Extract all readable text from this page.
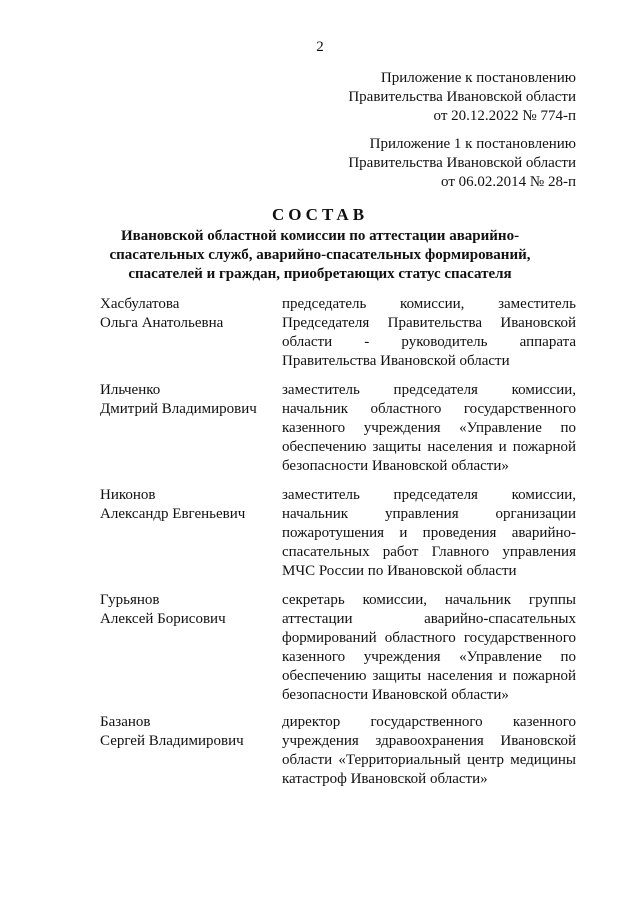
2
Приложение к постановлению
Правительства Ивановской области
от 20.12.2022 № 774-п
Приложение 1 к постановлению
Правительства Ивановской области
от 06.02.2014 № 28-п
СОСТАВ
Ивановской областной комиссии по аттестации аварийно-
спасательных служб, аварийно-спасательных формирований,
спасателей и граждан, приобретающих статус спасателя
Хасбулатова
Ольга Анатольевна
председатель комиссии, заместитель Председателя Правительства Ивановской области - руководитель аппарата Правительства Ивановской области
Ильченко
Дмитрий Владимирович
заместитель председателя комиссии, начальник областного государственного казенного учреждения «Управление по обеспечению защиты населения и пожарной безопасности Ивановской области»
Никонов
Александр Евгеньевич
заместитель председателя комиссии, начальник управления организации пожаротушения и проведения аварийно-спасательных работ Главного управления МЧС России по Ивановской области
Гурьянов
Алексей Борисович
секретарь комиссии, начальник группы аттестации аварийно-спасательных формирований областного государственного казенного учреждения «Управление по обеспечению защиты населения и пожарной безопасности Ивановской области»
Базанов
Сергей Владимирович
директор государственного казенного учреждения здравоохранения Ивановской области «Территориальный центр медицины катастроф Ивановской области»
